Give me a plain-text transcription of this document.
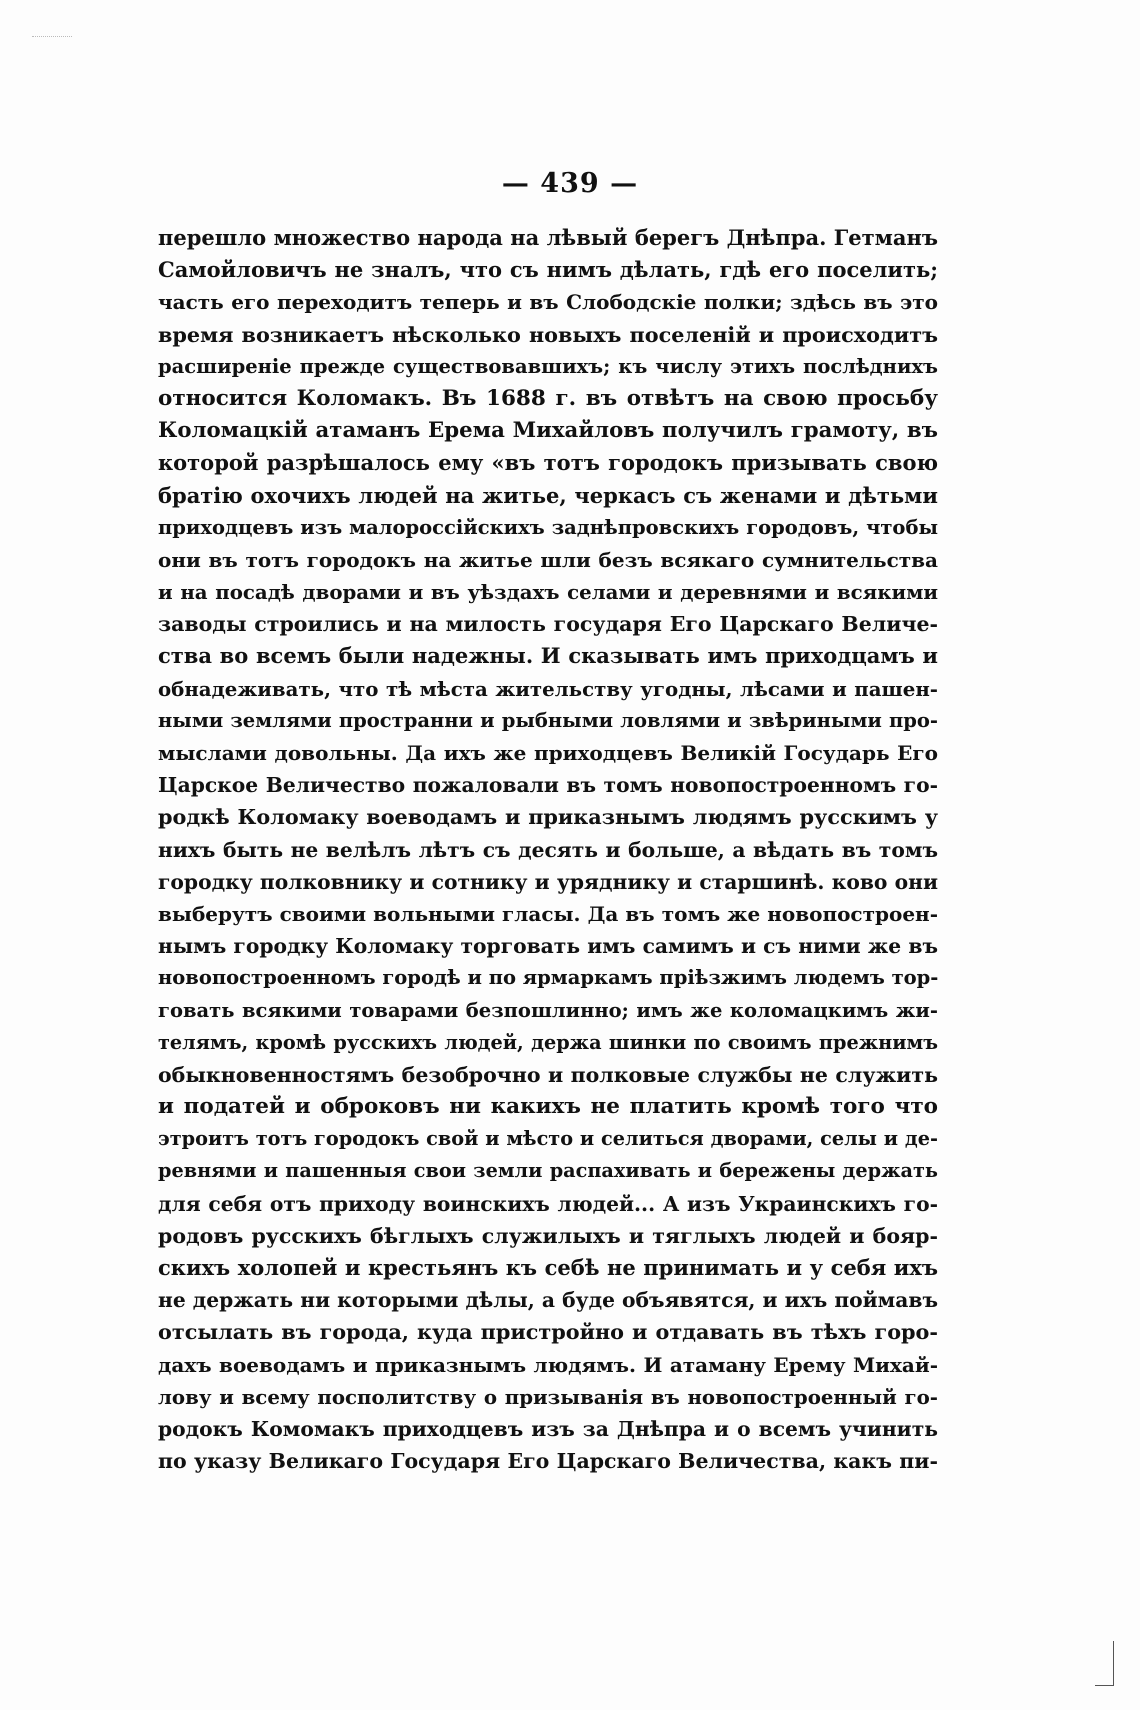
— 439 —
перешло множество народа на лѣвый берегъ Днѣпра. Гетманъ
Самойловичъ не зналъ, что съ нимъ дѣлать, гдѣ его поселить;
часть его переходитъ теперь и въ Слободскіе полки; здѣсь въ это
время возникаетъ нѣсколько новыхъ поселеній и происходитъ
расширеніе прежде существовавшихъ; къ числу этихъ послѣднихъ
относится Коломакъ. Въ 1688 г. въ отвѣтъ на свою просьбу
Коломацкій атаманъ Ерема Михайловъ получилъ грамоту, въ
которой разрѣшалось ему «въ тотъ городокъ призывать свою
братію охочихъ людей на житье, черкасъ съ женами и дѣтьми
приходцевъ изъ малороссійскихъ заднѣпровскихъ городовъ, чтобы
они въ тотъ городокъ на житье шли безъ всякаго сумнительства
и на посадѣ дворами и въ уѣздахъ селами и деревнями и всякими
заводы строились и на милость государя Его Царскаго Величе-
ства во всемъ были надежны. И сказывать имъ приходцамъ и
обнадеживать, что тѣ мѣста жительству угодны, лѣсами и пашен-
ными землями пространни и рыбными ловлями и звѣриными про-
мыслами довольны. Да ихъ же приходцевъ Великій Государь Его
Царское Величество пожаловали въ томъ новопостроенномъ го-
родкѣ Коломаку воеводамъ и приказнымъ людямъ русскимъ у
нихъ быть не велѣлъ лѣтъ съ десять и больше, а вѣдать въ томъ
городку полковнику и сотнику и уряднику и старшинѣ. ково они
выберутъ своими вольными гласы. Да въ томъ же новопостроен-
нымъ городку Коломаку торговать имъ самимъ и съ ними же въ
новопостроенномъ городѣ и по ярмаркамъ пріѣзжимъ людемъ тор-
говать всякими товарами безпошлинно; имъ же коломацкимъ жи-
телямъ, кромѣ русскихъ людей, держа шинки по своимъ прежнимъ
обыкновенностямъ безоброчно и полковые службы не служить
и податей и оброковъ ни какихъ не платить кромѣ того что
этроитъ тотъ городокъ свой и мѣсто и селиться дворами, селы и де-
ревнями и пашенныя свои земли распахивать и бережены держать
для себя отъ приходу воинскихъ людей... А изъ Украинскихъ го-
родовъ русскихъ бѣглыхъ служилыхъ и тяглыхъ людей и бояр-
скихъ холопей и крестьянъ къ себѣ не принимать и у себя ихъ
не держать ни которыми дѣлы, а буде объявятся, и ихъ поймавъ
отсылать въ города, куда пристройно и отдавать въ тѣхъ горо-
дахъ воеводамъ и приказнымъ людямъ. И атаману Ерему Михай-
лову и всему посполитству о призыванія въ новопостроенный го-
родокъ Комомакъ приходцевъ изъ за Днѣпра и о всемъ учинить
по указу Великаго Государя Его Царскаго Величества, какъ пи-
